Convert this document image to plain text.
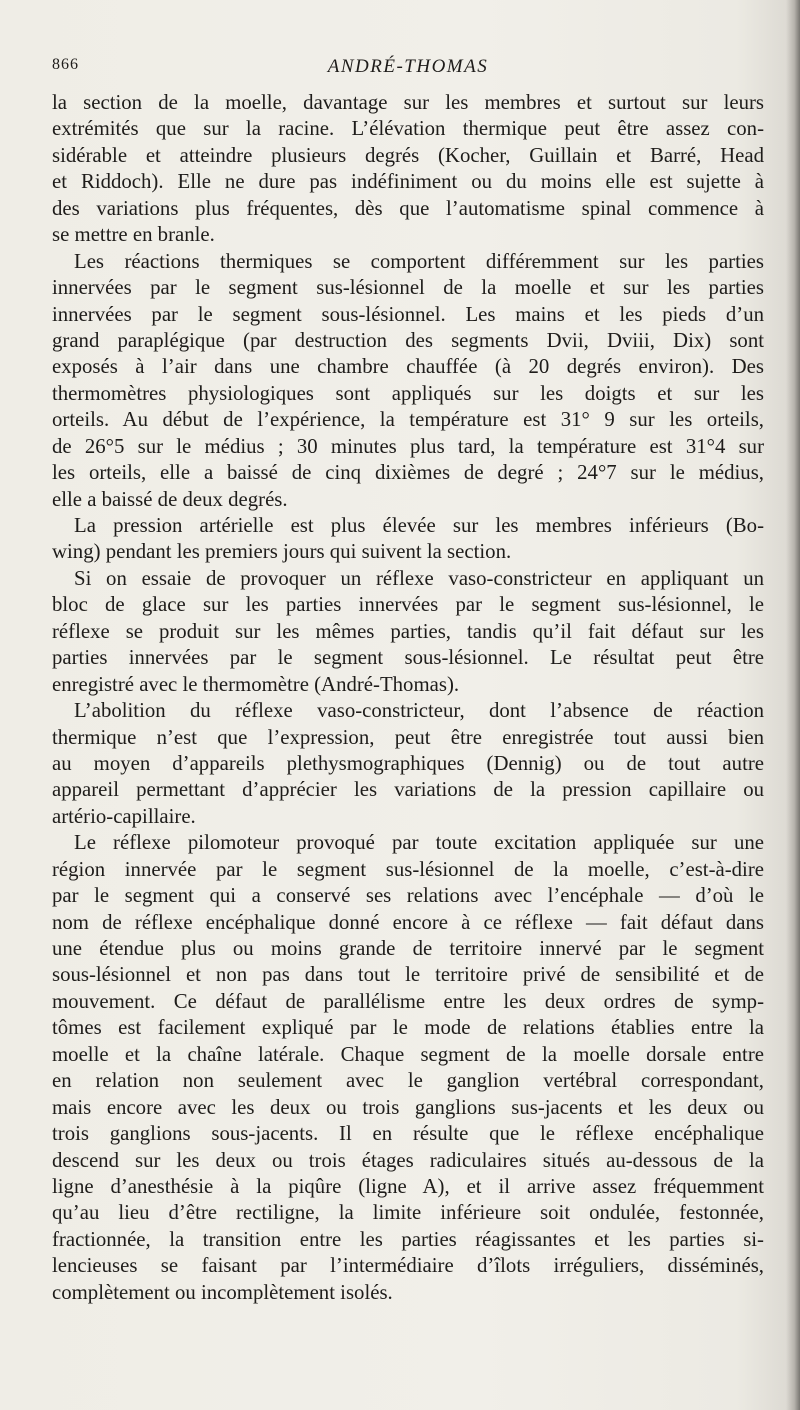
866	ANDRÉ-THOMAS
la section de la moelle, davantage sur les membres et surtout sur leurs
extrémités que sur la racine. L’élévation thermique peut être assez con-
sidérable et atteindre plusieurs degrés (Kocher, Guillain et Barré, Head
et Riddoch). Elle ne dure pas indéfiniment ou du moins elle est sujette à
des variations plus fréquentes, dès que l’automatisme spinal commence à
se mettre en branle.
Les réactions thermiques se comportent différemment sur les parties
innervées par le segment sus-lésionnel de la moelle et sur les parties
innervées par le segment sous-lésionnel. Les mains et les pieds d’un
grand paraplégique (par destruction des segments Dvii, Dviii, Dix) sont
exposés à l’air dans une chambre chauffée (à 20 degrés environ). Des
thermomètres physiologiques sont appliqués sur les doigts et sur les
orteils. Au début de l’expérience, la température est 31° 9 sur les orteils,
de 26°5 sur le médius ; 30 minutes plus tard, la température est 31°4 sur
les orteils, elle a baissé de cinq dixièmes de degré ; 24°7 sur le médius,
elle a baissé de deux degrés.
La pression artérielle est plus élevée sur les membres inférieurs (Bo-
wing) pendant les premiers jours qui suivent la section.
Si on essaie de provoquer un réflexe vaso-constricteur en appliquant un
bloc de glace sur les parties innervées par le segment sus-lésionnel, le
réflexe se produit sur les mêmes parties, tandis qu’il fait défaut sur les
parties innervées par le segment sous-lésionnel. Le résultat peut être
enregistré avec le thermomètre (André-Thomas).
L’abolition du réflexe vaso-constricteur, dont l’absence de réaction
thermique n’est que l’expression, peut être enregistrée tout aussi bien
au moyen d’appareils plethysmographiques (Dennig) ou de tout autre
appareil permettant d’apprécier les variations de la pression capillaire ou
artério-capillaire.
Le réflexe pilomoteur provoqué par toute excitation appliquée sur une
région innervée par le segment sus-lésionnel de la moelle, c’est-à-dire
par le segment qui a conservé ses relations avec l’encéphale — d’où le
nom de réflexe encéphalique donné encore à ce réflexe — fait défaut dans
une étendue plus ou moins grande de territoire innervé par le segment
sous-lésionnel et non pas dans tout le territoire privé de sensibilité et de
mouvement. Ce défaut de parallélisme entre les deux ordres de symp-
tômes est facilement expliqué par le mode de relations établies entre la
moelle et la chaîne latérale. Chaque segment de la moelle dorsale entre
en relation non seulement avec le ganglion vertébral correspondant,
mais encore avec les deux ou trois ganglions sus-jacents et les deux ou
trois ganglions sous-jacents. Il en résulte que le réflexe encéphalique
descend sur les deux ou trois étages radiculaires situés au-dessous de la
ligne d’anesthésie à la piqûre (ligne A), et il arrive assez fréquemment
qu’au lieu d’être rectiligne, la limite inférieure soit ondulée, festonnée,
fractionnée, la transition entre les parties réagissantes et les parties si-
lencieuses se faisant par l’intermédiaire d’îlots irréguliers, disséminés,
complètement ou incomplètement isolés.
